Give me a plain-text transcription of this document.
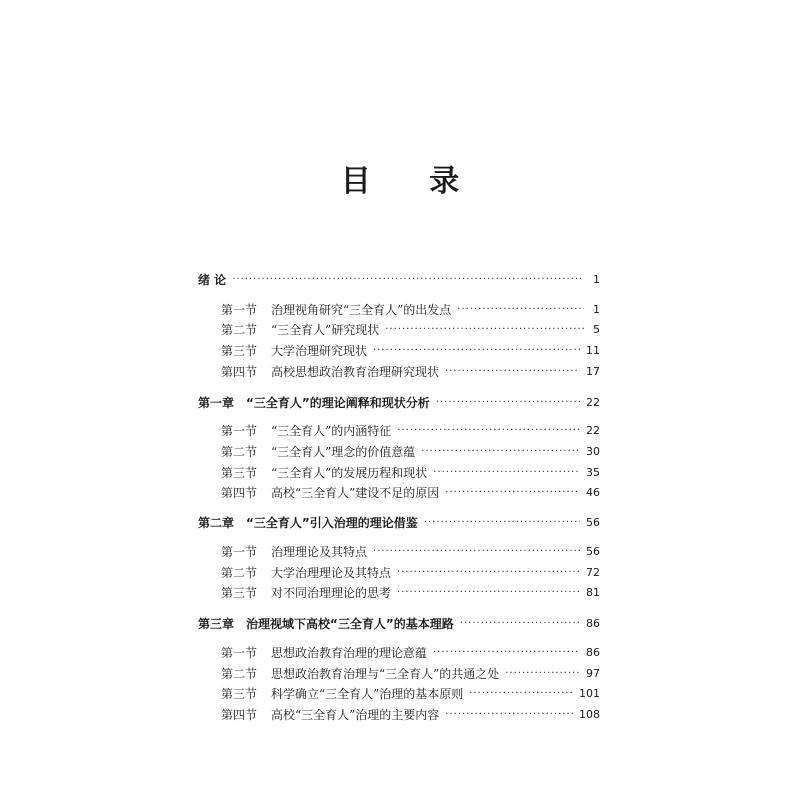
目 录
绪 论 ·····	1
第一节	治理视角研究“三全育人”的出发点 ·····	1
第二节	“三全育人”研究现状 ·····	5
第三节	大学治理研究现状 ·····	11
第四节	高校思想政治教育治理研究现状 ·····	17
第一章 “三全育人”的理论阐释和现状分析 ·····	22
第一节	“三全育人”的内涵特征 ·····	22
第二节	“三全育人”理念的价值意蕴 ·····	30
第三节	“三全育人”的发展历程和现状 ·····	35
第四节	高校“三全育人”建设不足的原因 ·····	46
第二章 “三全育人”引入治理的理论借鉴 ·····	56
第一节	治理理论及其特点 ·····	56
第二节	大学治理理论及其特点 ·····	72
第三节	对不同治理理论的思考 ·····	81
第三章 治理视域下高校“三全育人”的基本理路 ·····	86
第一节	思想政治教育治理的理论意蕴 ·····	86
第二节	思想政治教育治理与“三全育人”的共通之处 ·····	97
第三节	科学确立“三全育人”治理的基本原则 ·····	101
第四节	高校“三全育人”治理的主要内容 ·····	108
